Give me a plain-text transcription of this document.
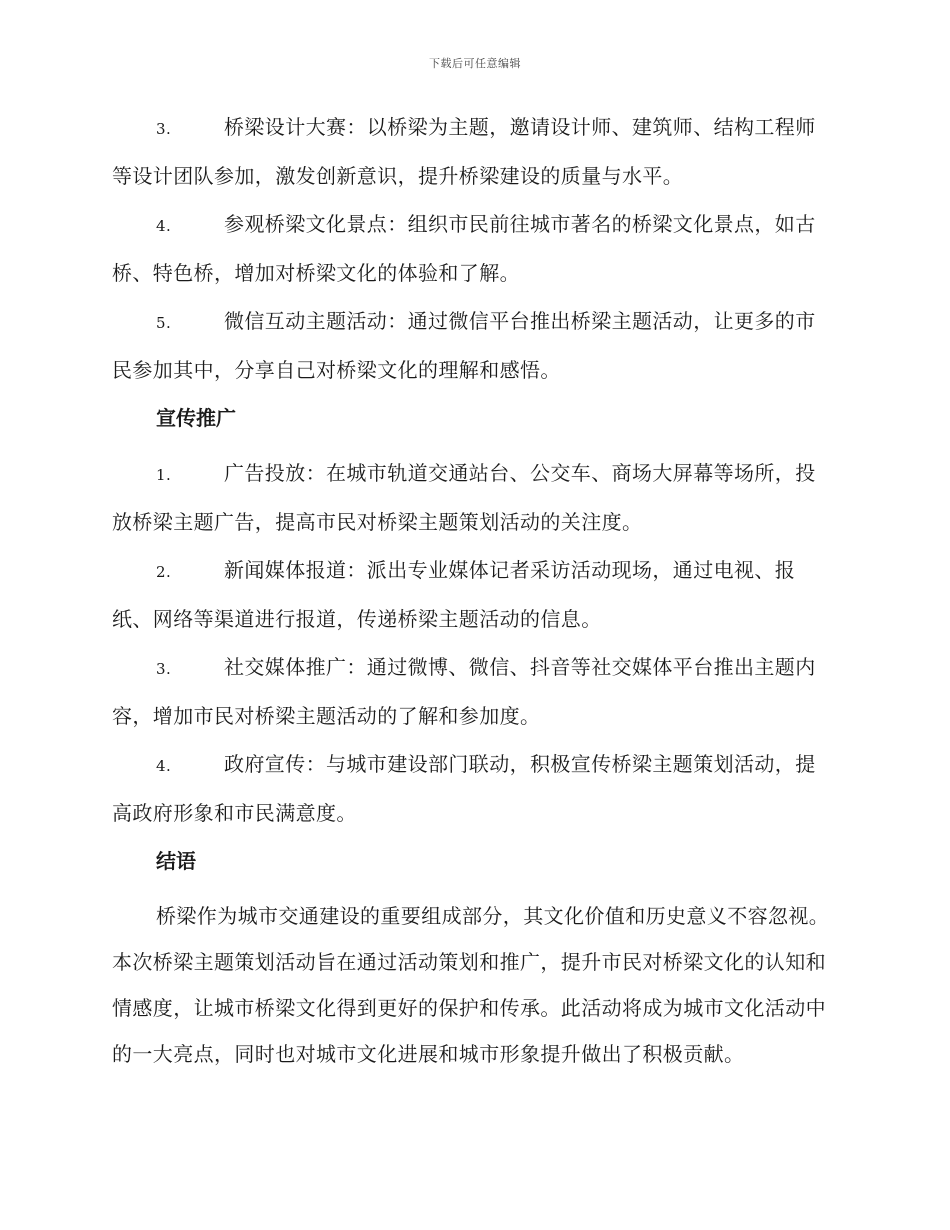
下载后可任意编辑
3.	桥梁设计大赛：以桥梁为主题，邀请设计师、建筑师、结构工程师等设计团队参加，激发创新意识，提升桥梁建设的质量与水平。
4.	参观桥梁文化景点：组织市民前往城市著名的桥梁文化景点，如古桥、特色桥，增加对桥梁文化的体验和了解。
5.	微信互动主题活动：通过微信平台推出桥梁主题活动，让更多的市民参加其中，分享自己对桥梁文化的理解和感悟。
宣传推广
1.	广告投放：在城市轨道交通站台、公交车、商场大屏幕等场所，投放桥梁主题广告，提高市民对桥梁主题策划活动的关注度。
2.	新闻媒体报道：派出专业媒体记者采访活动现场，通过电视、报纸、网络等渠道进行报道，传递桥梁主题活动的信息。
3.	社交媒体推广：通过微博、微信、抖音等社交媒体平台推出主题内容，增加市民对桥梁主题活动的了解和参加度。
4.	政府宣传：与城市建设部门联动，积极宣传桥梁主题策划活动，提高政府形象和市民满意度。
结语
桥梁作为城市交通建设的重要组成部分，其文化价值和历史意义不容忽视。本次桥梁主题策划活动旨在通过活动策划和推广，提升市民对桥梁文化的认知和情感度，让城市桥梁文化得到更好的保护和传承。此活动将成为城市文化活动中的一大亮点，同时也对城市文化进展和城市形象提升做出了积极贡献。
